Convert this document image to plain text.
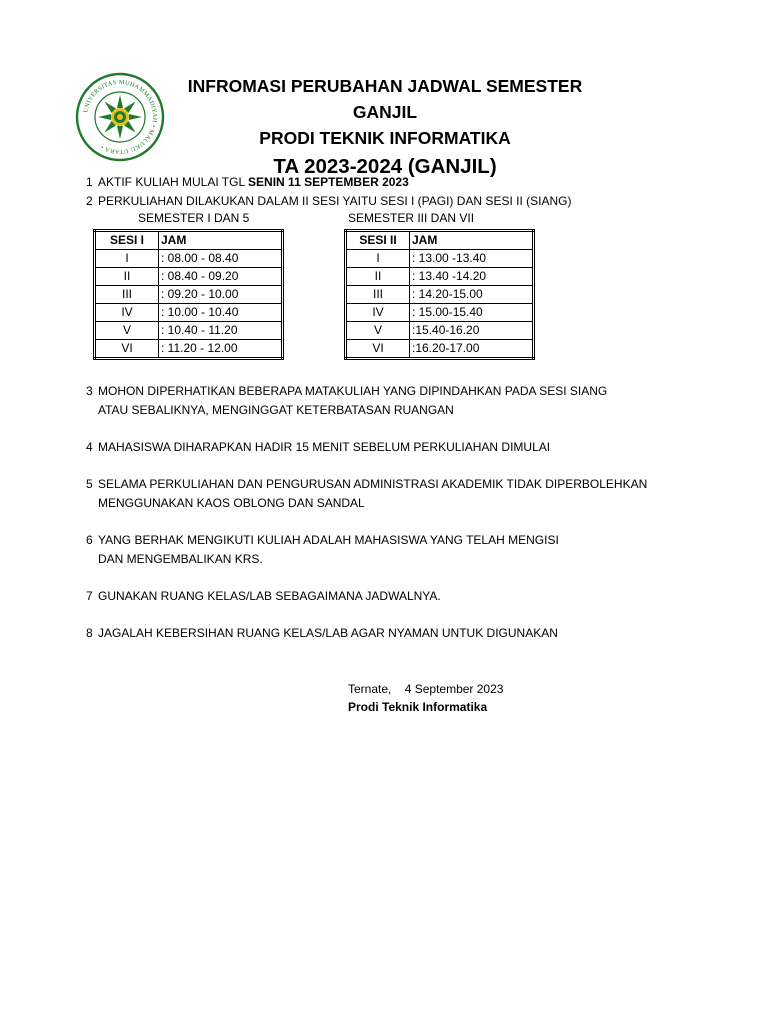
UNIVERSITAS MUHAMMADIYAH • MALUKU UTARA •
INFROMASI PERUBAHAN JADWAL SEMESTER GANJIL
PRODI TEKNIK INFORMATIKA
TA 2023-2024 (GANJIL)
1 AKTIF KULIAH MULAI TGL SENIN 11 SEPTEMBER 2023
2 PERKULIAHAN DILAKUKAN DALAM II SESI YAITU SESI I (PAGI) DAN SESI II (SIANG)
SEMESTER I DAN 5	SEMESTER III DAN VII
SESI I	JAM
I	: 08.00 - 08.40
II	: 08.40 - 09.20
III	: 09.20 - 10.00
IV	: 10.00 - 10.40
V	: 10.40 - 11.20
VI	: 11.20 - 12.00
SESI II	JAM
I	: 13.00 -13.40
II	: 13.40 -14.20
III	: 14.20-15.00
IV	: 15.00-15.40
V	:15.40-16.20
VI	:16.20-17.00
3 MOHON DIPERHATIKAN BEBERAPA MATAKULIAH YANG DIPINDAHKAN PADA SESI SIANG
ATAU SEBALIKNYA, MENGINGGAT KETERBATASAN RUANGAN
4 MAHASISWA DIHARAPKAN HADIR 15 MENIT SEBELUM PERKULIAHAN DIMULAI
5 SELAMA PERKULIAHAN DAN PENGURUSAN ADMINISTRASI AKADEMIK TIDAK DIPERBOLEHKAN
MENGGUNAKAN KAOS OBLONG DAN SANDAL
6 YANG BERHAK MENGIKUTI KULIAH ADALAH MAHASISWA YANG TELAH MENGISI
DAN MENGEMBALIKAN KRS.
7 GUNAKAN RUANG KELAS/LAB SEBAGAIMANA JADWALNYA.
8 JAGALAH KEBERSIHAN RUANG KELAS/LAB AGAR NYAMAN UNTUK DIGUNAKAN
Ternate, 4 September 2023
Prodi Teknik Informatika
